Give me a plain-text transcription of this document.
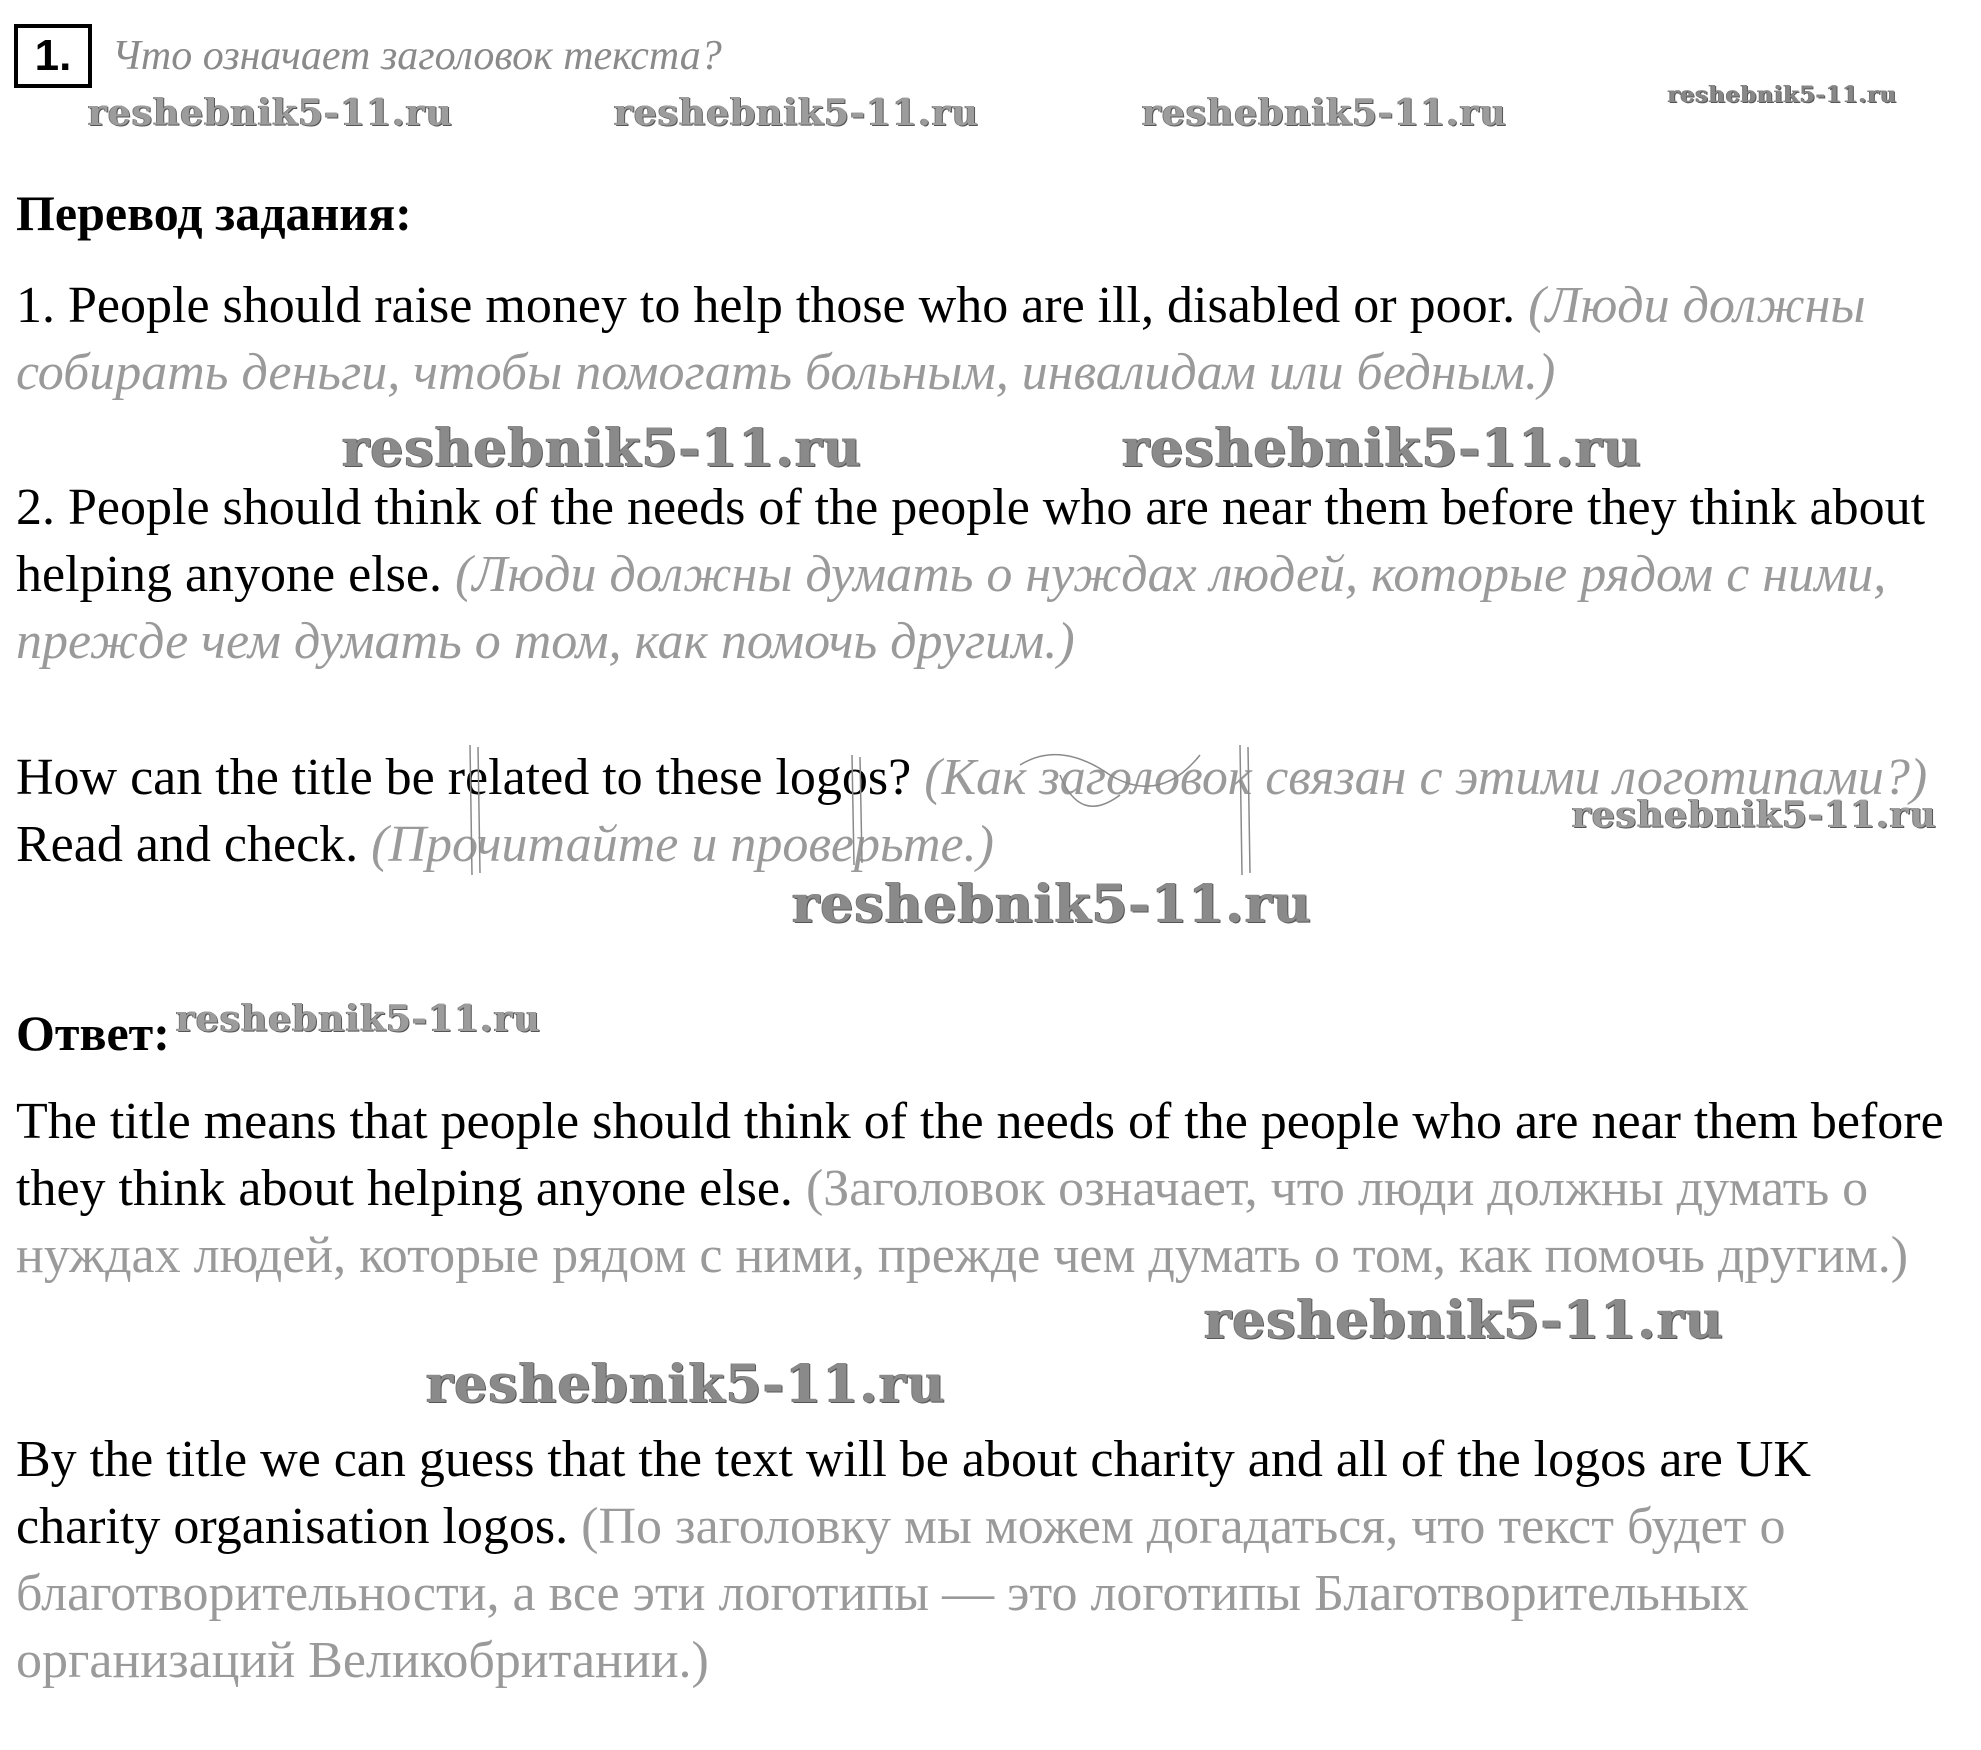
1. Что означает заголовок текста?
reshebnik5-11.ru	reshebnik5-11.ru	reshebnik5-11.ru	reshebnik5-11.ru
Перевод задания:
1. People should raise money to help those who are ill, disabled or poor. (Люди должны собирать деньги, чтобы помогать больным, инвалидам или бедным.)
reshebnik5-11.ru	reshebnik5-11.ru
2. People should think of the needs of the people who are near them before they think about helping anyone else. (Люди должны думать о нуждах людей, которые рядом с ними, прежде чем думать о том, как помочь другим.)
How can the title be related to these logos? (Как заголовок связан с этими логотипами?) Read and check. (Прочитайте и проверьте.)
reshebnik5-11.ru
reshebnik5-11.ru
Ответ: reshebnik5-11.ru
The title means that people should think of the needs of the people who are near them before they think about helping anyone else. (Заголовок означает, что люди должны думать о нуждах людей, которые рядом с ними, прежде чем думать о том, как помочь другим.)
reshebnik5-11.ru
reshebnik5-11.ru
By the title we can guess that the text will be about charity and all of the logos are UK charity organisation logos. (По заголовку мы можем догадаться, что текст будет о благотворительности, а все эти логотипы — это логотипы Благотворительных организаций Великобритании.)
